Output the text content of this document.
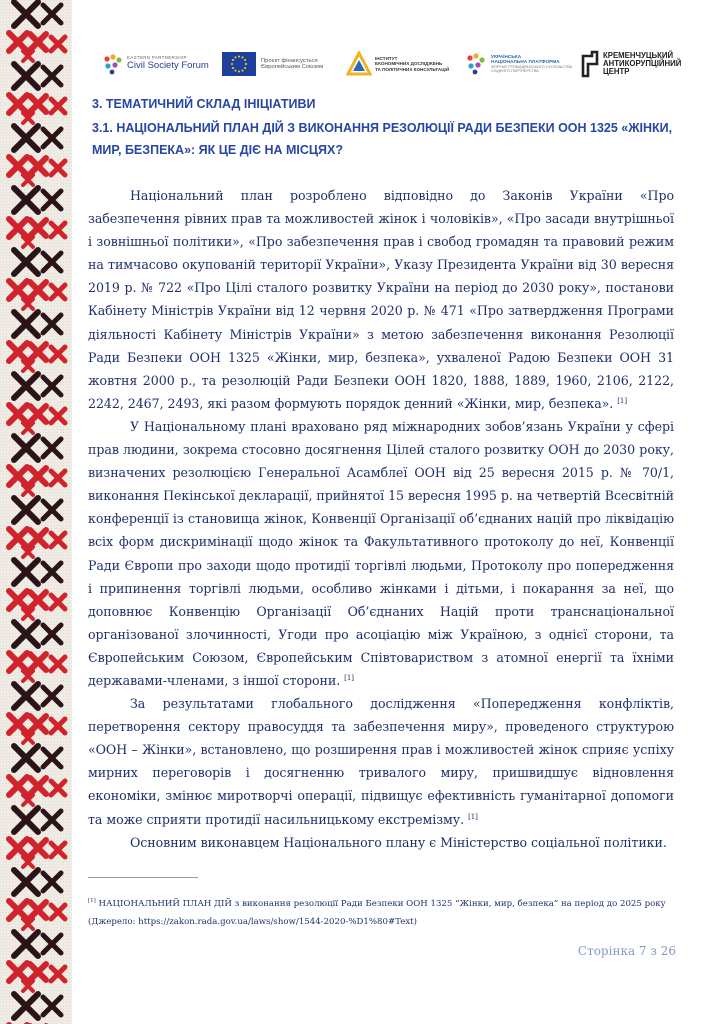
EASTERN PARTNERSHIP
Civil Society Forum	Проєкт фінансується
Європейським Союзом
ІНСТИТУТ
ЕКОНОМІЧНИХ ДОСЛІДЖЕНЬ
ТА ПОЛІТИЧНИХ КОНСУЛЬТАЦІЙ
УКРАЇНСЬКА
НАЦІОНАЛЬНА ПЛАТФОРМА
ФОРУМУ ГРОМАДЯНСЬКОГО СУСПІЛЬСТВА
СХІДНОГО ПАРТНЕРСТВА
КРЕМЕНЧУЦЬКИЙ
АНТИКОРУПЦІЙНИЙ
ЦЕНТР
3. ТЕМАТИЧНИЙ СКЛАД ІНІЦІАТИВИ
3.1. НАЦІОНАЛЬНИЙ ПЛАН ДІЙ З ВИКОНАННЯ РЕЗОЛЮЦІЇ РАДИ БЕЗПЕКИ ООН 1325 «ЖІНКИ, МИР, БЕЗПЕКА»: ЯК ЦЕ ДІЄ НА МІСЦЯХ?

Національний план розроблено відповідно до Законів України «Про забезпечення рівних прав та можливостей жінок і чоловіків», «Про засади внутрішньої і зовнішньої політики», «Про забезпечення прав і свобод громадян та правовий режим на тимчасово окупованій території України», Указу Президента України від 30 вересня 2019 р. № 722 «Про Цілі сталого розвитку України на період до 2030 року», постанови Кабінету Міністрів України від 12 червня 2020 р. № 471 «Про затвердження Програми діяльності Кабінету Міністрів України» з метою забезпечення виконання Резолюції Ради Безпеки ООН 1325 «Жінки, мир, безпека», ухваленої Радою Безпеки ООН 31 жовтня 2000 р., та резолюцій Ради Безпеки ООН 1820, 1888, 1889, 1960, 2106, 2122, 2242, 2467, 2493, які разом формують порядок денний «Жінки, мир, безпека». [1]

У Національному плані враховано ряд міжнародних зобов’язань України у сфері прав людини, зокрема стосовно досягнення Цілей сталого розвитку ООН до 2030 року, визначених резолюцією Генеральної Асамблеї ООН від 25 вересня 2015 р. № 70/1, виконання Пекінської декларації, прийнятої 15 вересня 1995 р. на четвертій Всесвітній конференції із становища жінок, Конвенції Організації об’єднаних націй про ліквідацію всіх форм дискримінації щодо жінок та Факультативного протоколу до неї, Конвенції Ради Європи про заходи щодо протидії торгівлі людьми, Протоколу про попередження і припинення торгівлі людьми, особливо жінками і дітьми, і покарання за неї, що доповнює Конвенцію Організації Об’єднаних Націй проти транснаціональної організованої злочинності, Угоди про асоціацію між Україною, з однієї сторони, та Європейським Союзом, Європейським Співтовариством з атомної енергії та їхніми державами-членами, з іншої сторони. [1]

За результатами глобального дослідження «Попередження конфліктів, перетворення сектору правосуддя та забезпечення миру», проведеного структурою «ООН – Жінки», встановлено, що розширення прав і можливостей жінок сприяє успіху мирних переговорів і досягненню тривалого миру, пришвидшує відновлення економіки, змінює миротворчі операції, підвищує ефективність гуманітарної допомоги та може сприяти протидії насильницькому екстремізму. [1]

Основним виконавцем Національного плану є Міністерство соціальної політики.

[1] НАЦІОНАЛЬНИЙ ПЛАН ДІЙ з виконання резолюції Ради Безпеки ООН 1325 “Жінки, мир, безпека” на період до 2025 року (Джерело: https://zakon.rada.gov.ua/laws/show/1544-2020-%D1%80#Text)
Сторінка 7 з 26
